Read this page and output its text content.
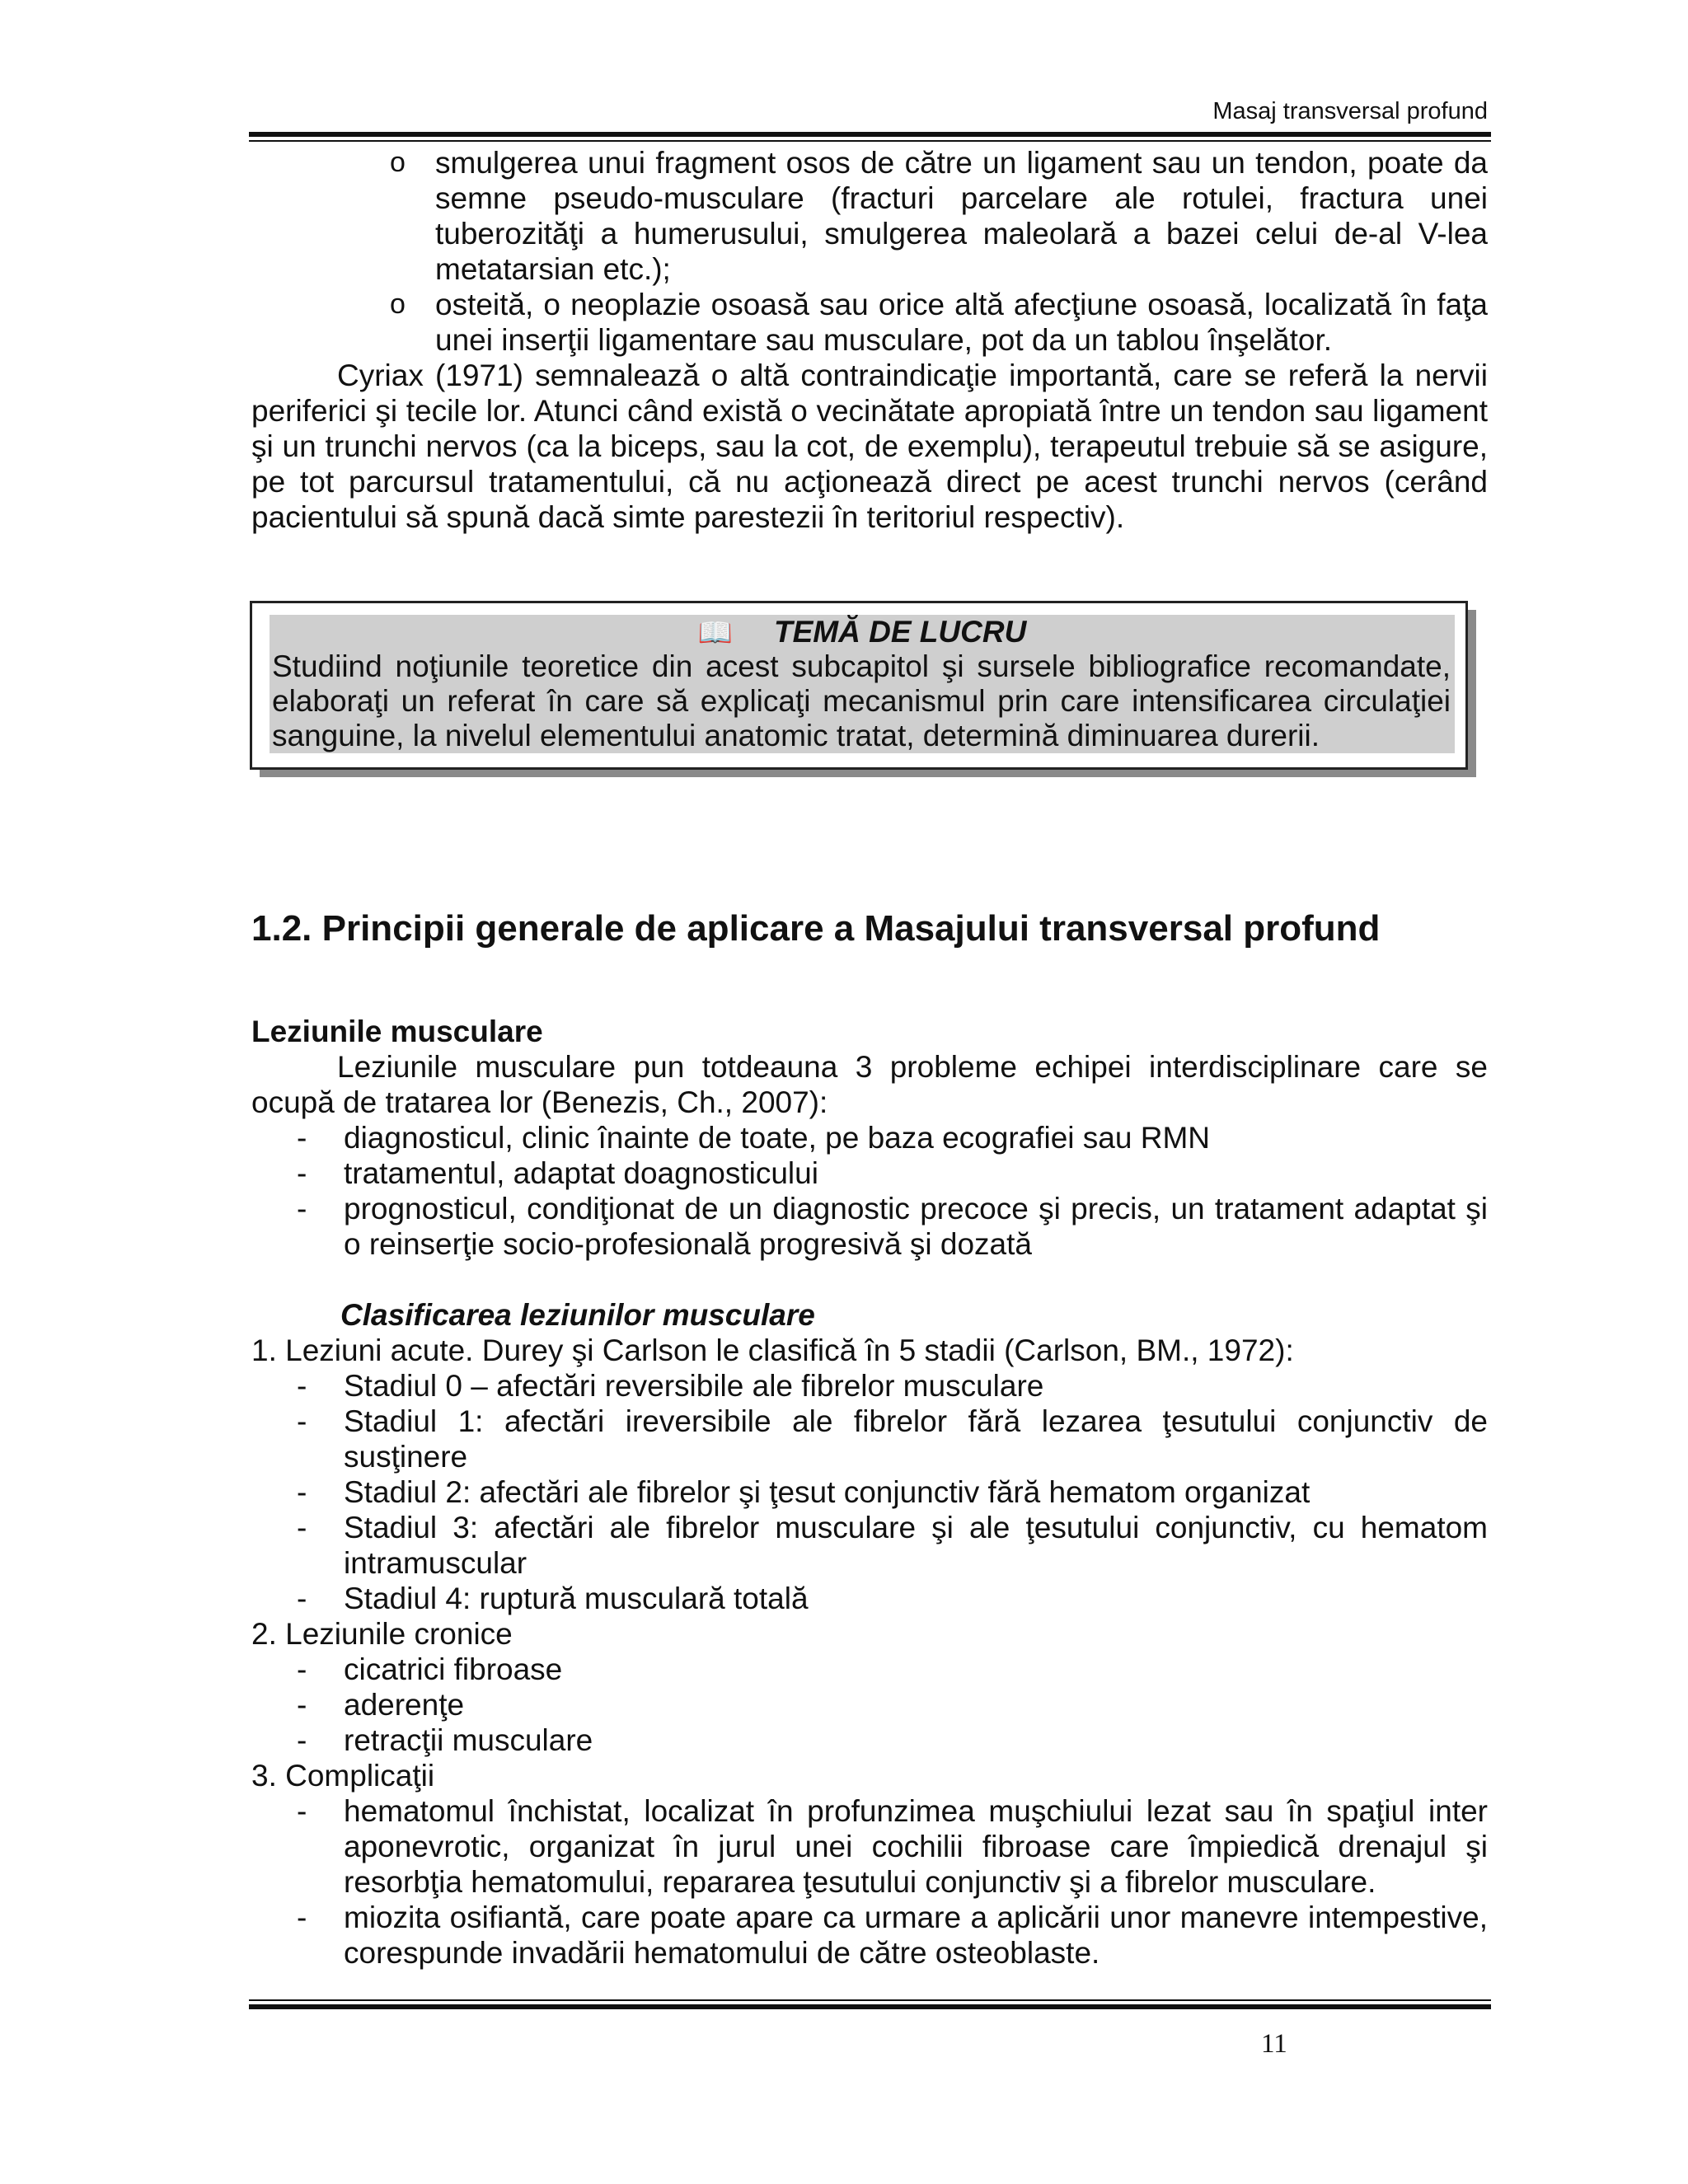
Masaj transversal profund
o smulgerea unui fragment osos de către un ligament sau un tendon, poate da
semne pseudo-musculare (fracturi parcelare ale rotulei, fractura unei
tuberozităţi a humerusului, smulgerea maleolară a bazei celui de-al V-lea
metatarsian etc.);
o osteită, o neoplazie osoasă sau orice altă afecţiune osoasă, localizată în faţa
unei inserţii ligamentare sau musculare, pot da un tablou înşelător.

Cyriax (1971) semnalează o altă contraindicaţie importantă, care se referă la nervii periferici şi tecile lor. Atunci când există o vecinătate apropiată între un tendon sau ligament şi un trunchi nervos (ca la biceps, sau la cot, de exemplu), terapeutul trebuie să se asigure, pe tot parcursul tratamentului, că nu acţionează direct pe acest trunchi nervos (cerând pacientului să spună dacă simte parestezii în teritoriul respectiv).

📖 TEMĂ DE LUCRU

Studiind noţiunile teoretice din acest subcapitol şi sursele bibliografice recomandate, elaboraţi un referat în care să explicaţi mecanismul prin care intensificarea circulaţiei sanguine, la nivelul elementului anatomic tratat, determină diminuarea durerii.

1.2. Principii generale de aplicare a Masajului transversal profund
Leziunile musculare

Leziunile musculare pun totdeauna 3 probleme echipei interdisciplinare care se ocupă de tratarea lor (Benezis, Ch., 2007):

- diagnosticul, clinic înainte de toate, pe baza ecografiei sau RMN
- tratamentul, adaptat doagnosticului
- prognosticul, condiţionat de un diagnostic precoce şi precis, un tratament adaptat şi o reinserţie socio-profesională progresivă şi dozată
Clasificarea leziunilor musculare
1. Leziuni acute. Durey şi Carlson le clasifică în 5 stadii (Carlson, BM., 1972):
- Stadiul 0 – afectări reversibile ale fibrelor musculare
- Stadiul 1: afectări ireversibile ale fibrelor fără lezarea ţesutului conjunctiv de susţinere
- Stadiul 2: afectări ale fibrelor şi ţesut conjunctiv fără hematom organizat
- Stadiul 3: afectări ale fibrelor musculare şi ale ţesutului conjunctiv, cu hematom intramuscular
- Stadiul 4: ruptură musculară totală
2. Leziunile cronice
- cicatrici fibroase
- aderenţe
- retracţii musculare
3. Complicaţii
- hematomul închistat, localizat în profunzimea muşchiului lezat sau în spaţiul inter aponevrotic, organizat în jurul unei cochilii fibroase care împiedică drenajul şi resorbţia hematomului, repararea ţesutului conjunctiv şi a fibrelor musculare.
- miozita osifiantă, care poate apare ca urmare a aplicării unor manevre intempestive, corespunde invadării hematomului de către osteoblaste.
11
